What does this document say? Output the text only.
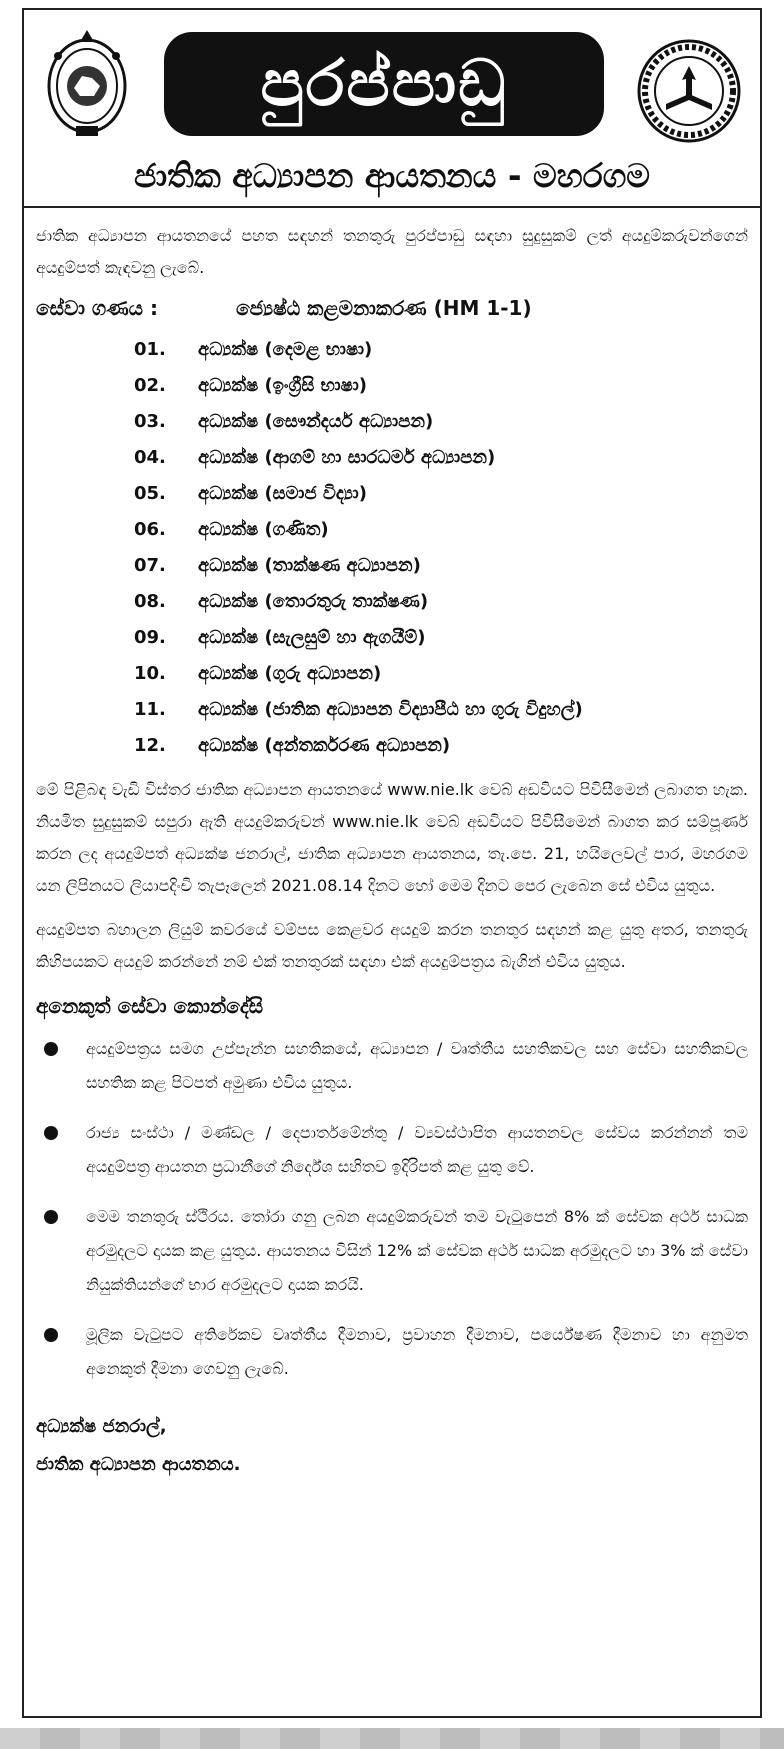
පුරප්පාඩු
ජාතික අධ්‍යාපන ආයතනය - මහරගම

ජාතික අධ්‍යාපන ආයතනයේ පහත සඳහන් තනතුරු පුරප්පාඩු සඳහා සුදුසුකම් ලත් අයදුම්කරුවන්ගෙන් අයදුම්පත් කැඳවනු ලැබේ.

සේවා ගණය :	ජ්‍යෙෂ්ඨ කළමනාකරණ (HM 1-1)
01.	අධ්‍යක්ෂ (දෙමළ භාෂා)
02.	අධ්‍යක්ෂ (ඉංග්‍රීසි භාෂා)
03.	අධ්‍යක්ෂ (සෞන්දර්ය අධ්‍යාපන)
04.	අධ්‍යක්ෂ (ආගම් හා සාරධර්ම අධ්‍යාපන)
05.	අධ්‍යක්ෂ (සමාජ විද්‍යා)
06.	අධ්‍යක්ෂ (ගණිත)
07.	අධ්‍යක්ෂ (තාක්ෂණ අධ්‍යාපන)
08.	අධ්‍යක්ෂ (තොරතුරු තාක්ෂණ)
09.	අධ්‍යක්ෂ (සැලසුම් හා ඇගයීම්)
10.	අධ්‍යක්ෂ (ගුරු අධ්‍යාපන)
11.	අධ්‍යක්ෂ (ජාතික අධ්‍යාපන විද්‍යාපීඨ හා ගුරු විදුහල්)
12.	අධ්‍යක්ෂ (අන්තර්කරණ අධ්‍යාපන)

මේ පිළිබඳ වැඩි විස්තර ජාතික අධ්‍යාපන ආයතනයේ www.nie.lk වෙබ් අඩවියට පිවිසීමෙන් ලබාගත හැක. නියමිත සුදුසුකම් සපුරා ඇති අයදුම්කරුවන් www.nie.lk වෙබ් අඩවියට පිවිසීමෙන් බාගත කර සම්පූර්ණ කරන ලද අයදුම්පත් අධ්‍යක්ෂ ජනරාල්, ජාතික අධ්‍යාපන ආයතනය, තැ.පෙ. 21, හයිලෙවල් පාර, මහරගම යන ලිපිනයට ලියාපදිංචි තැපෑලෙන් 2021.08.14 දිනට හෝ මෙම දිනට පෙර ලැබෙන සේ එවිය යුතුය.

අයදුම්පත බහාලන ලියුම් කවරයේ වම්පස කෙළවර අයදුම් කරන තනතුර සඳහන් කළ යුතු අතර, තනතුරු කිහිපයකට අයදුම් කරන්නේ නම් එක් තනතුරක් සඳහා එක් අයදුම්පත්‍රය බැගින් එවිය යුතුය.

අනෙකුත් සේවා කොන්දේසි
අයදුම්පත්‍රය සමග උප්පැන්න සහතිකයේ, අධ්‍යාපන / වෘත්තීය සහතිකවල සහ සේවා සහතිකවල සහතික කළ පිටපත් අමුණා එවිය යුතුය.
රාජ්‍ය සංස්ථා / මණ්ඩල / දෙපාර්තමේන්තු / ව්‍යවස්ථාපිත ආයතනවල සේවය කරන්නන් තම අයදුම්පත්‍ර ආයතන ප්‍රධානීගේ නිර්දේශ සහිතව ඉදිරිපත් කළ යුතු වේ.
මෙම තනතුරු ස්ථිරය. තෝරා ගනු ලබන අයදුම්කරුවන් තම වැටුපෙන් 8% ක් සේවක අර්ථ සාධක අරමුදලට දායක කළ යුතුය. ආයතනය විසින් 12% ක් සේවක අර්ථ සාධක අරමුදලට හා 3% ක් සේවා නියුක්තියන්ගේ භාර අරමුදලට දායක කරයි.
මූලික වැටුපට අතිරේකව වෘත්තීය දීමනාව, ප්‍රවාහන දීමනාව, පර්යේෂණ දීමනාව හා අනුමත අනෙකුත් දීමනා ගෙවනු ලැබේ.
අධ්‍යක්ෂ ජනරාල්,
ජාතික අධ්‍යාපන ආයතනය.
